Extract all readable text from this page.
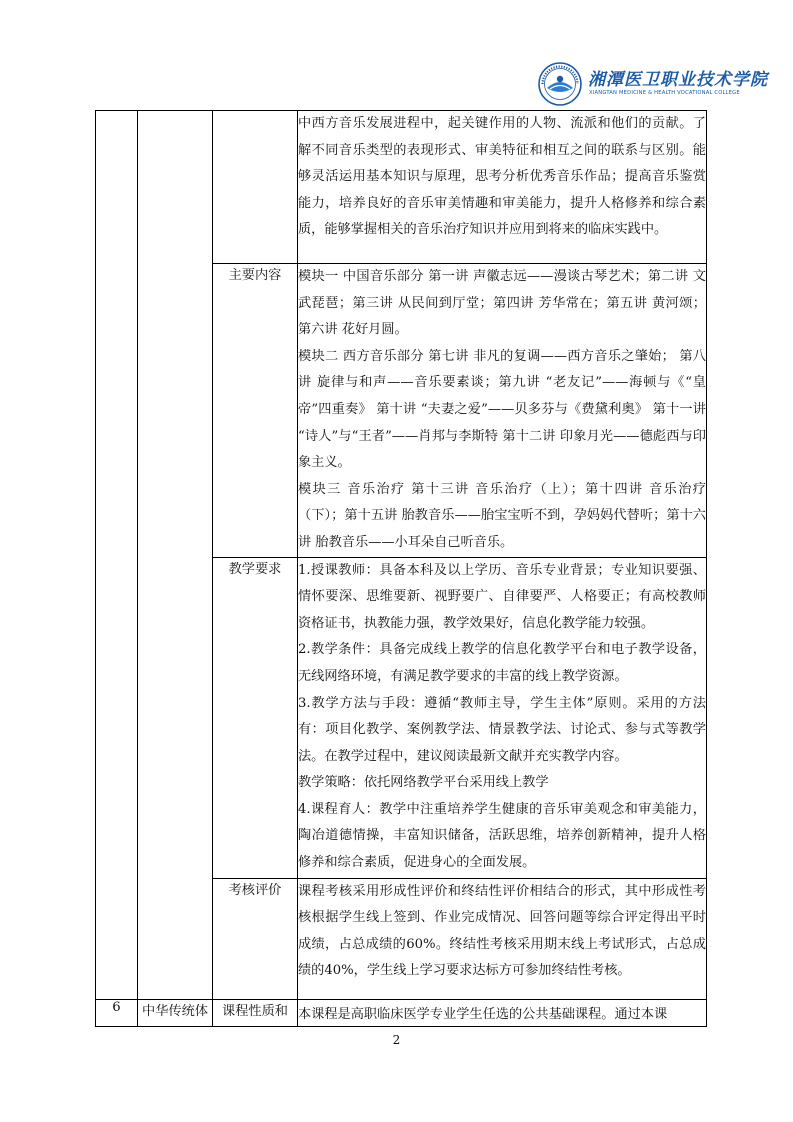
湘潭医卫职业技术学院
XIANGTAN MEDICINE & HEALTH VOCATIONAL COLLEGE

			中西方音乐发展进程中，起关键作用的人物、流派和他们的贡献。了解不同音乐类型的表现形式、审美特征和相互之间的联系与区别。能够灵活运用基本知识与原理，思考分析优秀音乐作品；提高音乐鉴赏能力，培养良好的音乐审美情趣和审美能力，提升人格修养和综合素质，能够掌握相关的音乐治疗知识并应用到将来的临床实践中。

		主要内容	模块一 中国音乐部分 第一讲 声徽志远——漫谈古琴艺术；第二讲 文武琵琶；第三讲 从民间到厅堂；第四讲 芳华常在；第五讲 黄河颂；第六讲 花好月圆。

模块二 西方音乐部分 第七讲 非凡的复调——西方音乐之肇始； 第八讲 旋律与和声——音乐要素谈；第九讲 “老友记”——海顿与《“皇帝”四重奏》 第十讲 “夫妻之爱”——贝多芬与《费黛利奥》 第十一讲 “诗人”与“王者”——肖邦与李斯特 第十二讲 印象月光——德彪西与印象主义。

模块三 音乐治疗 第十三讲 音乐治疗（上）；第十四讲 音乐治疗（下）；第十五讲 胎教音乐——胎宝宝听不到，孕妈妈代替听；第十六讲 胎教音乐——小耳朵自己听音乐。

		教学要求	1.授课教师：具备本科及以上学历、音乐专业背景；专业知识要强、情怀要深、思维要新、视野要广、自律要严、人格要正；有高校教师资格证书，执教能力强，教学效果好，信息化教学能力较强。

2.教学条件：具备完成线上教学的信息化教学平台和电子教学设备，无线网络环境，有满足教学要求的丰富的线上教学资源。

3.教学方法与手段：遵循“教师主导，学生主体”原则。采用的方法有：项目化教学、案例教学法、情景教学法、讨论式、参与式等教学法。在教学过程中，建议阅读最新文献并充实教学内容。

教学策略：依托网络教学平台采用线上教学

4.课程育人：教学中注重培养学生健康的音乐审美观念和审美能力，陶冶道德情操，丰富知识储备，活跃思维，培养创新精神，提升人格修养和综合素质，促进身心的全面发展。

		考核评价	课程考核采用形成性评价和终结性评价相结合的形式，其中形成性考核根据学生线上签到、作业完成情况、回答问题等综合评定得出平时成绩，占总成绩的60%。终结性考核采用期末线上考试形式，占总成绩的40%，学生线上学习要求达标方可参加终结性考核。

6	中华传统体	课程性质和	本课程是高职临床医学专业学生任选的公共基础课程。通过本课
2
